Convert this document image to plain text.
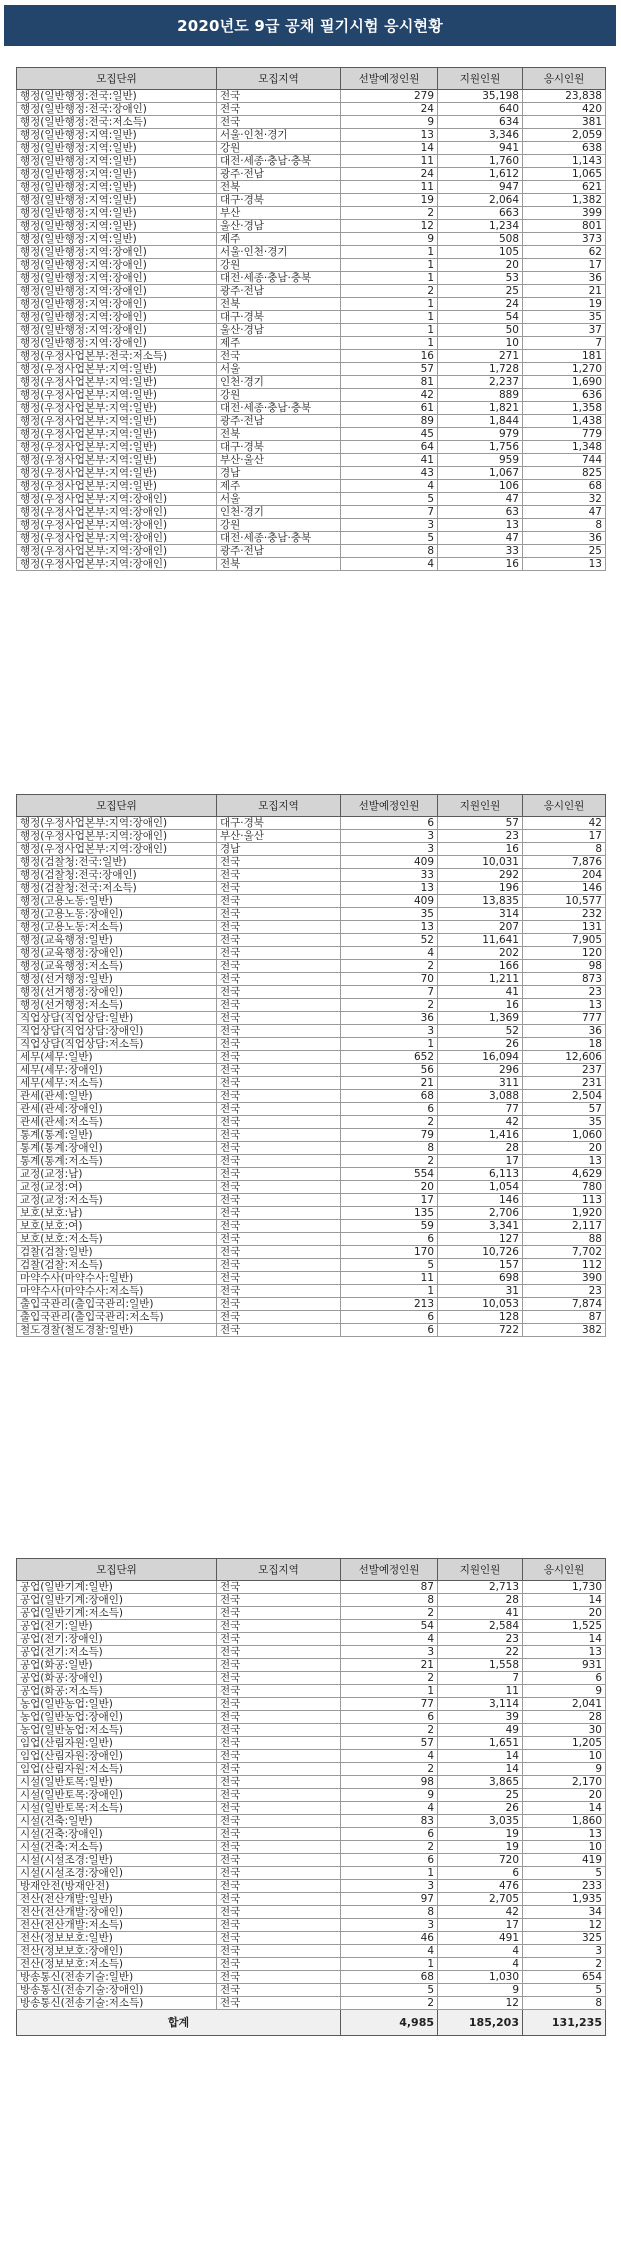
2020년도 9급 공채 필기시험 응시현황
모집단위	모집지역	선발예정인원	지원인원	응시인원
행정(일반행정:전국:일반)	전국	279	35,198	23,838
행정(일반행정:전국:장애인)	전국	24	640	420
행정(일반행정:전국:저소득)	전국	9	634	381
행정(일반행정:지역:일반)	서울·인천·경기	13	3,346	2,059
행정(일반행정:지역:일반)	강원	14	941	638
행정(일반행정:지역:일반)	대전·세종·충남·충북	11	1,760	1,143
행정(일반행정:지역:일반)	광주·전남	24	1,612	1,065
행정(일반행정:지역:일반)	전북	11	947	621
행정(일반행정:지역:일반)	대구·경북	19	2,064	1,382
행정(일반행정:지역:일반)	부산	2	663	399
행정(일반행정:지역:일반)	울산·경남	12	1,234	801
행정(일반행정:지역:일반)	제주	9	508	373
행정(일반행정:지역:장애인)	서울·인천·경기	1	105	62
행정(일반행정:지역:장애인)	강원	1	20	17
행정(일반행정:지역:장애인)	대전·세종·충남·충북	1	53	36
행정(일반행정:지역:장애인)	광주·전남	2	25	21
행정(일반행정:지역:장애인)	전북	1	24	19
행정(일반행정:지역:장애인)	대구·경북	1	54	35
행정(일반행정:지역:장애인)	울산·경남	1	50	37
행정(일반행정:지역:장애인)	제주	1	10	7
행정(우정사업본부:전국:저소득)	전국	16	271	181
행정(우정사업본부:지역:일반)	서울	57	1,728	1,270
행정(우정사업본부:지역:일반)	인천·경기	81	2,237	1,690
행정(우정사업본부:지역:일반)	강원	42	889	636
행정(우정사업본부:지역:일반)	대전·세종·충남·충북	61	1,821	1,358
행정(우정사업본부:지역:일반)	광주·전남	89	1,844	1,438
행정(우정사업본부:지역:일반)	전북	45	979	779
행정(우정사업본부:지역:일반)	대구·경북	64	1,756	1,348
행정(우정사업본부:지역:일반)	부산·울산	41	959	744
행정(우정사업본부:지역:일반)	경남	43	1,067	825
행정(우정사업본부:지역:일반)	제주	4	106	68
행정(우정사업본부:지역:장애인)	서울	5	47	32
행정(우정사업본부:지역:장애인)	인천·경기	7	63	47
행정(우정사업본부:지역:장애인)	강원	3	13	8
행정(우정사업본부:지역:장애인)	대전·세종·충남·충북	5	47	36
행정(우정사업본부:지역:장애인)	광주·전남	8	33	25
행정(우정사업본부:지역:장애인)	전북	4	16	13
모집단위	모집지역	선발예정인원	지원인원	응시인원
행정(우정사업본부:지역:장애인)	대구·경북	6	57	42
행정(우정사업본부:지역:장애인)	부산·울산	3	23	17
행정(우정사업본부:지역:장애인)	경남	3	16	8
행정(검찰청:전국:일반)	전국	409	10,031	7,876
행정(검찰청:전국:장애인)	전국	33	292	204
행정(검찰청:전국:저소득)	전국	13	196	146
행정(고용노동:일반)	전국	409	13,835	10,577
행정(고용노동:장애인)	전국	35	314	232
행정(고용노동:저소득)	전국	13	207	131
행정(교육행정:일반)	전국	52	11,641	7,905
행정(교육행정:장애인)	전국	4	202	120
행정(교육행정:저소득)	전국	2	166	98
행정(선거행정:일반)	전국	70	1,211	873
행정(선거행정:장애인)	전국	7	41	23
행정(선거행정:저소득)	전국	2	16	13
직업상담(직업상담:일반)	전국	36	1,369	777
직업상담(직업상담:장애인)	전국	3	52	36
직업상담(직업상담:저소득)	전국	1	26	18
세무(세무:일반)	전국	652	16,094	12,606
세무(세무:장애인)	전국	56	296	237
세무(세무:저소득)	전국	21	311	231
관세(관세:일반)	전국	68	3,088	2,504
관세(관세:장애인)	전국	6	77	57
관세(관세:저소득)	전국	2	42	35
통계(통계:일반)	전국	79	1,416	1,060
통계(통계:장애인)	전국	8	28	20
통계(통계:저소득)	전국	2	17	13
교정(교정:남)	전국	554	6,113	4,629
교정(교정:여)	전국	20	1,054	780
교정(교정:저소득)	전국	17	146	113
보호(보호:남)	전국	135	2,706	1,920
보호(보호:여)	전국	59	3,341	2,117
보호(보호:저소득)	전국	6	127	88
검찰(검찰:일반)	전국	170	10,726	7,702
검찰(검찰:저소득)	전국	5	157	112
마약수사(마약수사:일반)	전국	11	698	390
마약수사(마약수사:저소득)	전국	1	31	23
출입국관리(출입국관리:일반)	전국	213	10,053	7,874
출입국관리(출입국관리:저소득)	전국	6	128	87
철도경찰(철도경찰:일반)	전국	6	722	382
모집단위	모집지역	선발예정인원	지원인원	응시인원
공업(일반기계:일반)	전국	87	2,713	1,730
공업(일반기계:장애인)	전국	8	28	14
공업(일반기계:저소득)	전국	2	41	20
공업(전기:일반)	전국	54	2,584	1,525
공업(전기:장애인)	전국	4	23	14
공업(전기:저소득)	전국	3	22	13
공업(화공:일반)	전국	21	1,558	931
공업(화공:장애인)	전국	2	7	6
공업(화공:저소득)	전국	1	11	9
농업(일반농업:일반)	전국	77	3,114	2,041
농업(일반농업:장애인)	전국	6	39	28
농업(일반농업:저소득)	전국	2	49	30
임업(산림자원:일반)	전국	57	1,651	1,205
임업(산림자원:장애인)	전국	4	14	10
임업(산림자원:저소득)	전국	2	14	9
시설(일반토목:일반)	전국	98	3,865	2,170
시설(일반토목:장애인)	전국	9	25	20
시설(일반토목:저소득)	전국	4	26	14
시설(건축:일반)	전국	83	3,035	1,860
시설(건축:장애인)	전국	6	19	13
시설(건축:저소득)	전국	2	19	10
시설(시설조경:일반)	전국	6	720	419
시설(시설조경:장애인)	전국	1	6	5
방재안전(방재안전)	전국	3	476	233
전산(전산개발:일반)	전국	97	2,705	1,935
전산(전산개발:장애인)	전국	8	42	34
전산(전산개발:저소득)	전국	3	17	12
전산(정보보호:일반)	전국	46	491	325
전산(정보보호:장애인)	전국	4	4	3
전산(정보보호:저소득)	전국	1	4	2
방송통신(전송기술:일반)	전국	68	1,030	654
방송통신(전송기술:장애인)	전국	5	9	5
방송통신(전송기술:저소득)	전국	2	12	8
합계		4,985	185,203	131,235
